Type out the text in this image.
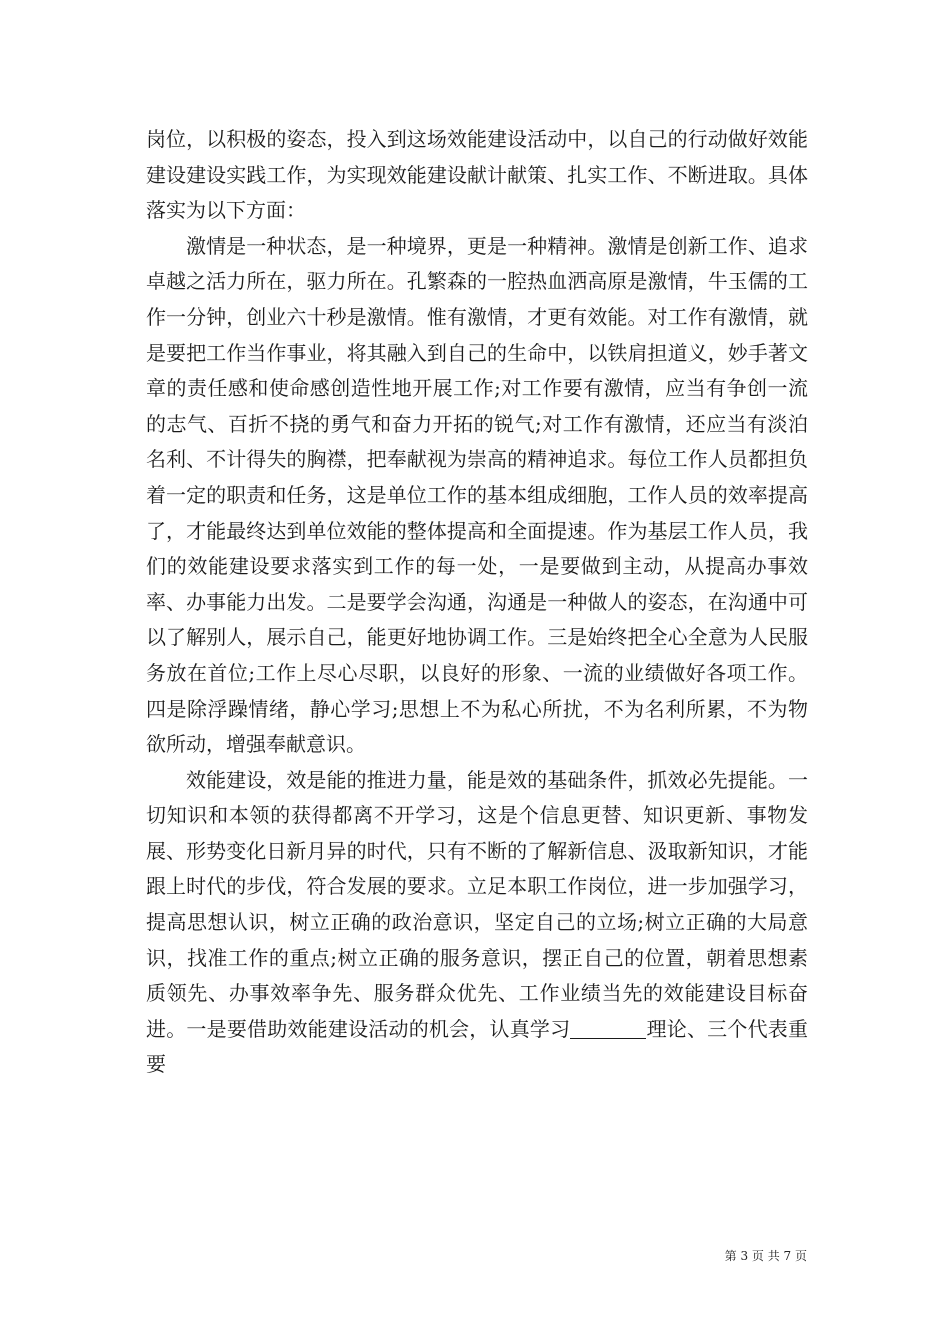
岗位，以积极的姿态，投入到这场效能建设活动中，以自己的行动做好效能建设建设实践工作，为实现效能建设献计献策、扎实工作、不断进取。具体落实为以下方面：

激情是一种状态，是一种境界，更是一种精神。激情是创新工作、追求卓越之活力所在，驱力所在。孔繁森的一腔热血洒高原是激情，牛玉儒的工作一分钟，创业六十秒是激情。惟有激情，才更有效能。对工作有激情，就是要把工作当作事业，将其融入到自己的生命中，以铁肩担道义，妙手著文章的责任感和使命感创造性地开展工作;对工作要有激情，应当有争创一流的志气、百折不挠的勇气和奋力开拓的锐气;对工作有激情，还应当有淡泊名利、不计得失的胸襟，把奉献视为崇高的精神追求。每位工作人员都担负着一定的职责和任务，这是单位工作的基本组成细胞，工作人员的效率提高了，才能最终达到单位效能的整体提高和全面提速。作为基层工作人员，我们的效能建设要求落实到工作的每一处，一是要做到主动，从提高办事效率、办事能力出发。二是要学会沟通，沟通是一种做人的姿态，在沟通中可以了解别人，展示自己，能更好地协调工作。三是始终把全心全意为人民服务放在首位;工作上尽心尽职，以良好的形象、一流的业绩做好各项工作。四是除浮躁情绪，静心学习;思想上不为私心所扰，不为名利所累，不为物欲所动，增强奉献意识。

效能建设，效是能的推进力量，能是效的基础条件，抓效必先提能。一切知识和本领的获得都离不开学习，这是个信息更替、知识更新、事物发展、形势变化日新月异的时代，只有不断的了解新信息、汲取新知识，才能跟上时代的步伐，符合发展的要求。立足本职工作岗位，进一步加强学习，提高思想认识，树立正确的政治意识，坚定自己的立场;树立正确的大局意识，找准工作的重点;树立正确的服务意识，摆正自己的位置，朝着思想素质领先、办事效率争先、服务群众优先、工作业绩当先的效能建设目标奋进。一是要借助效能建设活动的机会，认真学习	理论、三个代表重要

第 3 页 共 7 页
